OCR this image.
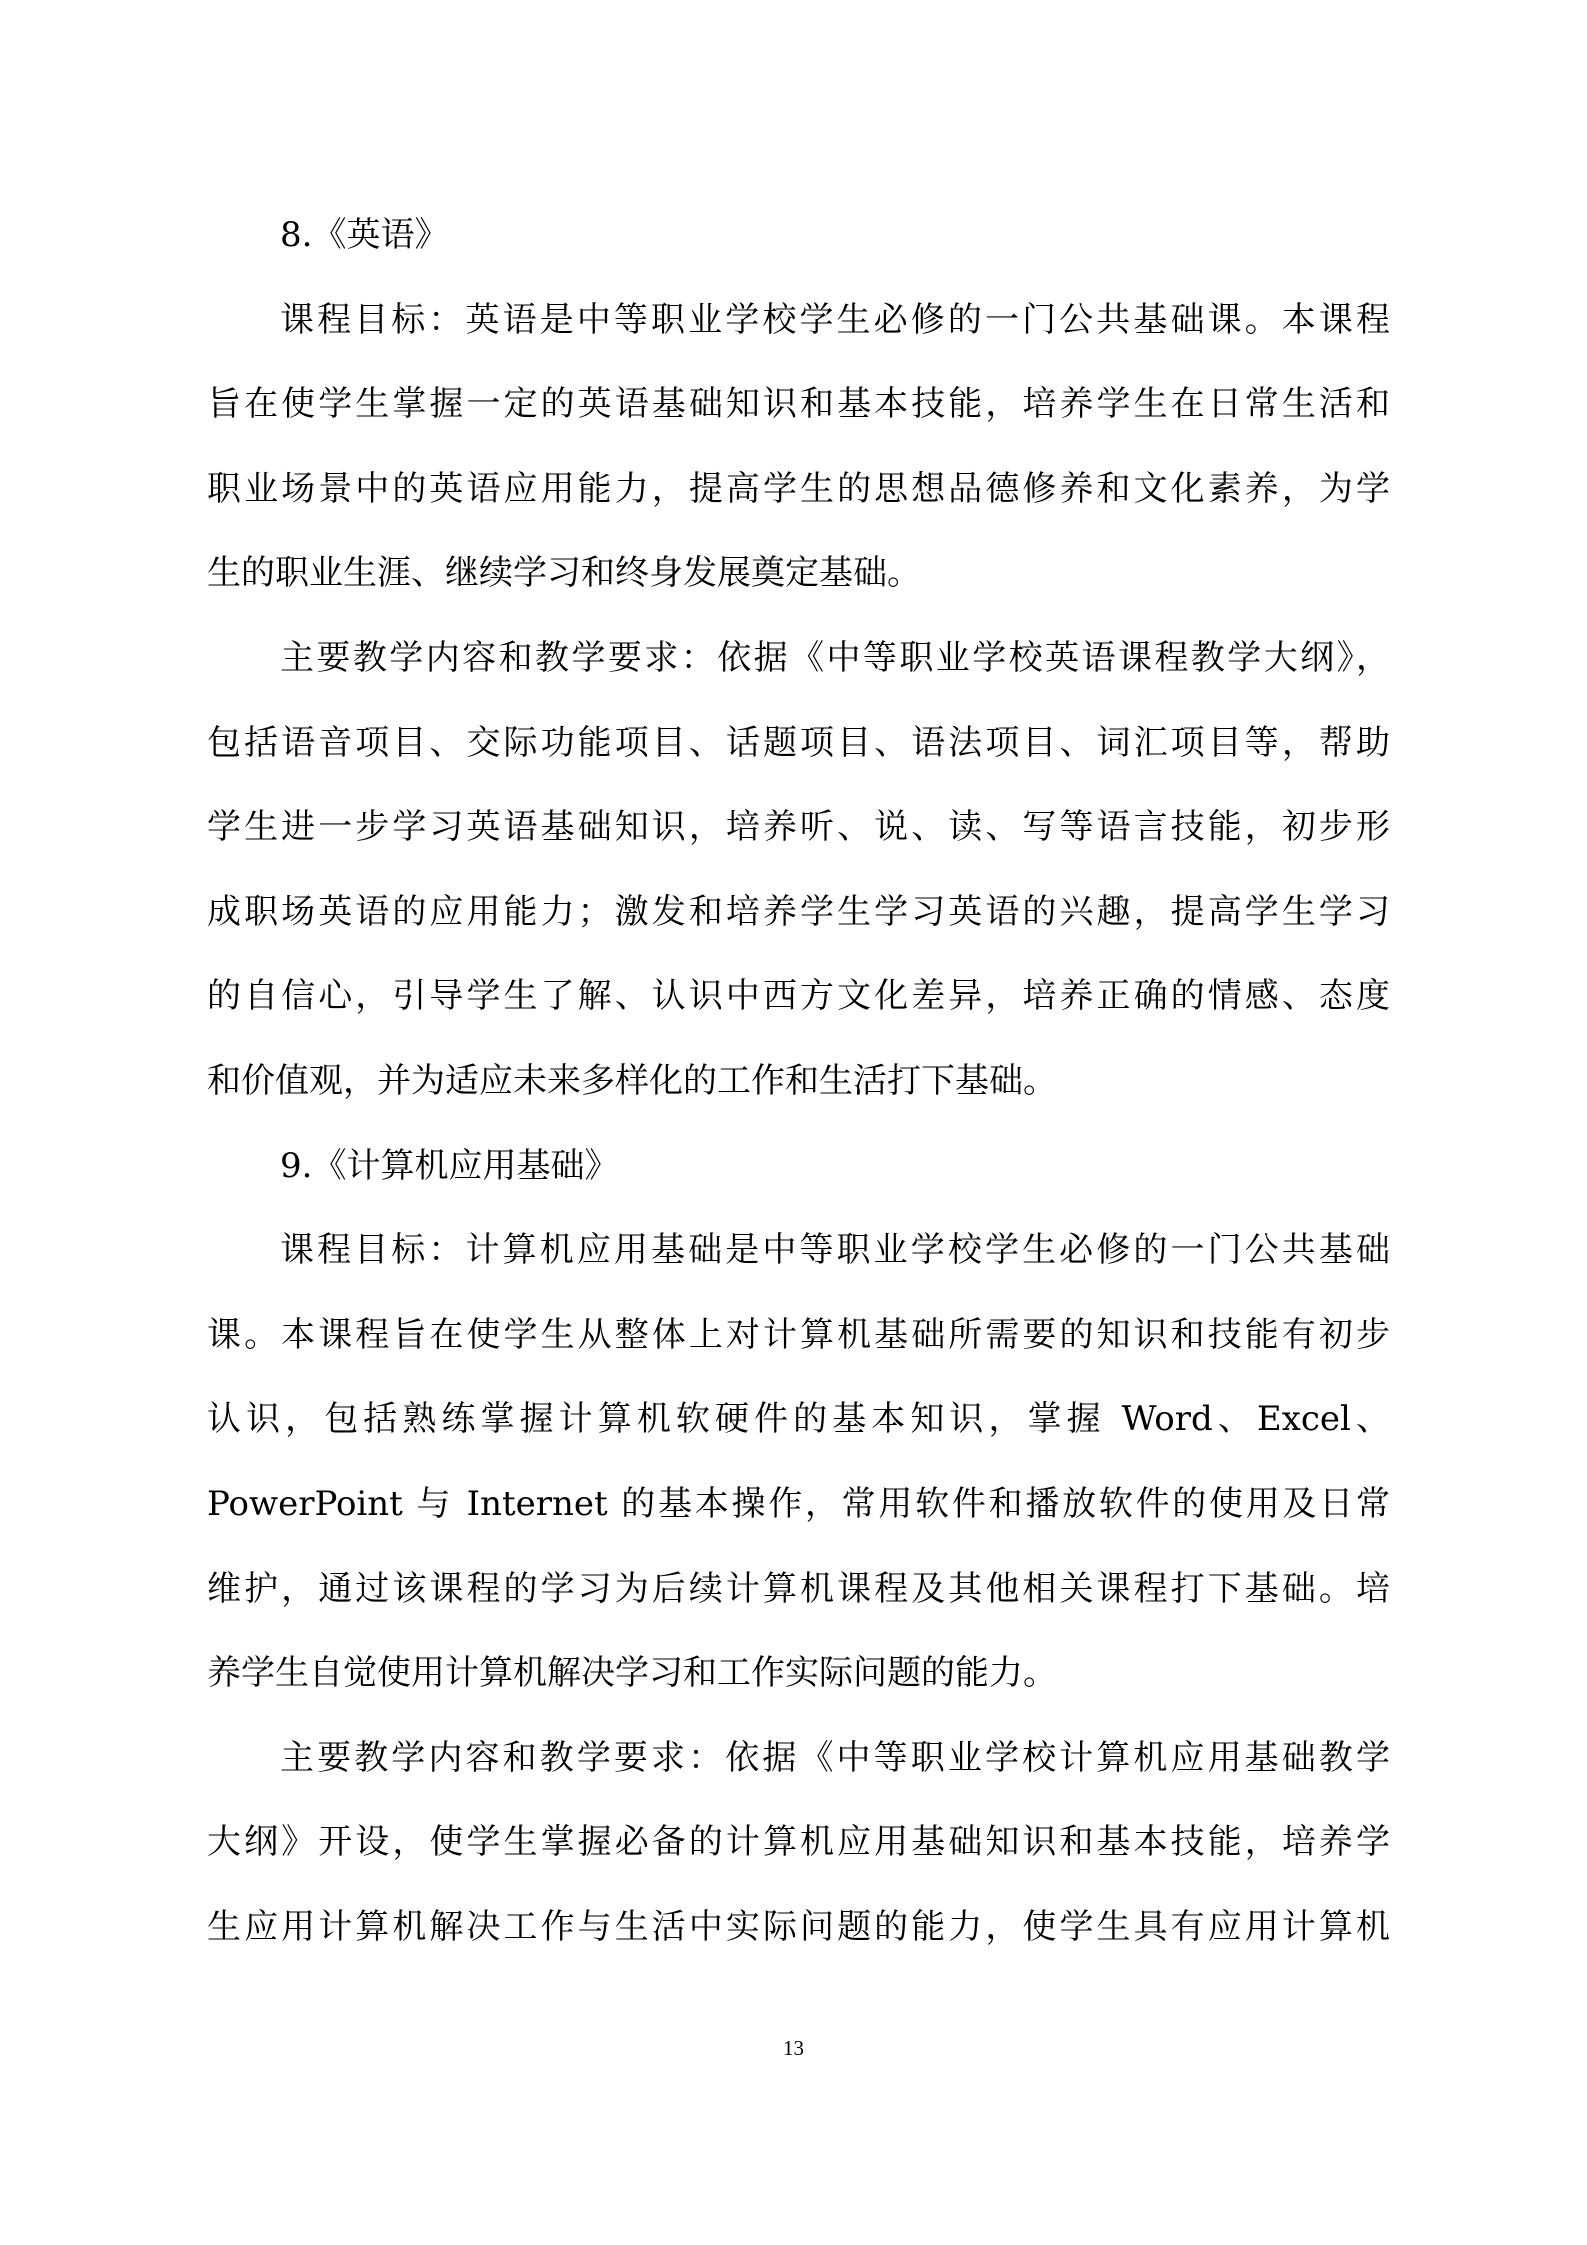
8.《英语》
课程目标：英语是中等职业学校学生必修的一门公共基础课。本课程
旨在使学生掌握一定的英语基础知识和基本技能，培养学生在日常生活和
职业场景中的英语应用能力，提高学生的思想品德修养和文化素养，为学
生的职业生涯、继续学习和终身发展奠定基础。
主要教学内容和教学要求：依据《中等职业学校英语课程教学大纲》，
包括语音项目、交际功能项目、话题项目、语法项目、词汇项目等，帮助
学生进一步学习英语基础知识，培养听、说、读、写等语言技能，初步形
成职场英语的应用能力；激发和培养学生学习英语的兴趣，提高学生学习
的自信心，引导学生了解、认识中西方文化差异，培养正确的情感、态度
和价值观，并为适应未来多样化的工作和生活打下基础。
9.《计算机应用基础》
课程目标：计算机应用基础是中等职业学校学生必修的一门公共基础
课。本课程旨在使学生从整体上对计算机基础所需要的知识和技能有初步
认识，包括熟练掌握计算机软硬件的基本知识，掌握 Word、Excel、
PowerPoint 与 Internet 的基本操作，常用软件和播放软件的使用及日常
维护，通过该课程的学习为后续计算机课程及其他相关课程打下基础。培
养学生自觉使用计算机解决学习和工作实际问题的能力。
主要教学内容和教学要求：依据《中等职业学校计算机应用基础教学
大纲》开设，使学生掌握必备的计算机应用基础知识和基本技能，培养学
生应用计算机解决工作与生活中实际问题的能力，使学生具有应用计算机
13
